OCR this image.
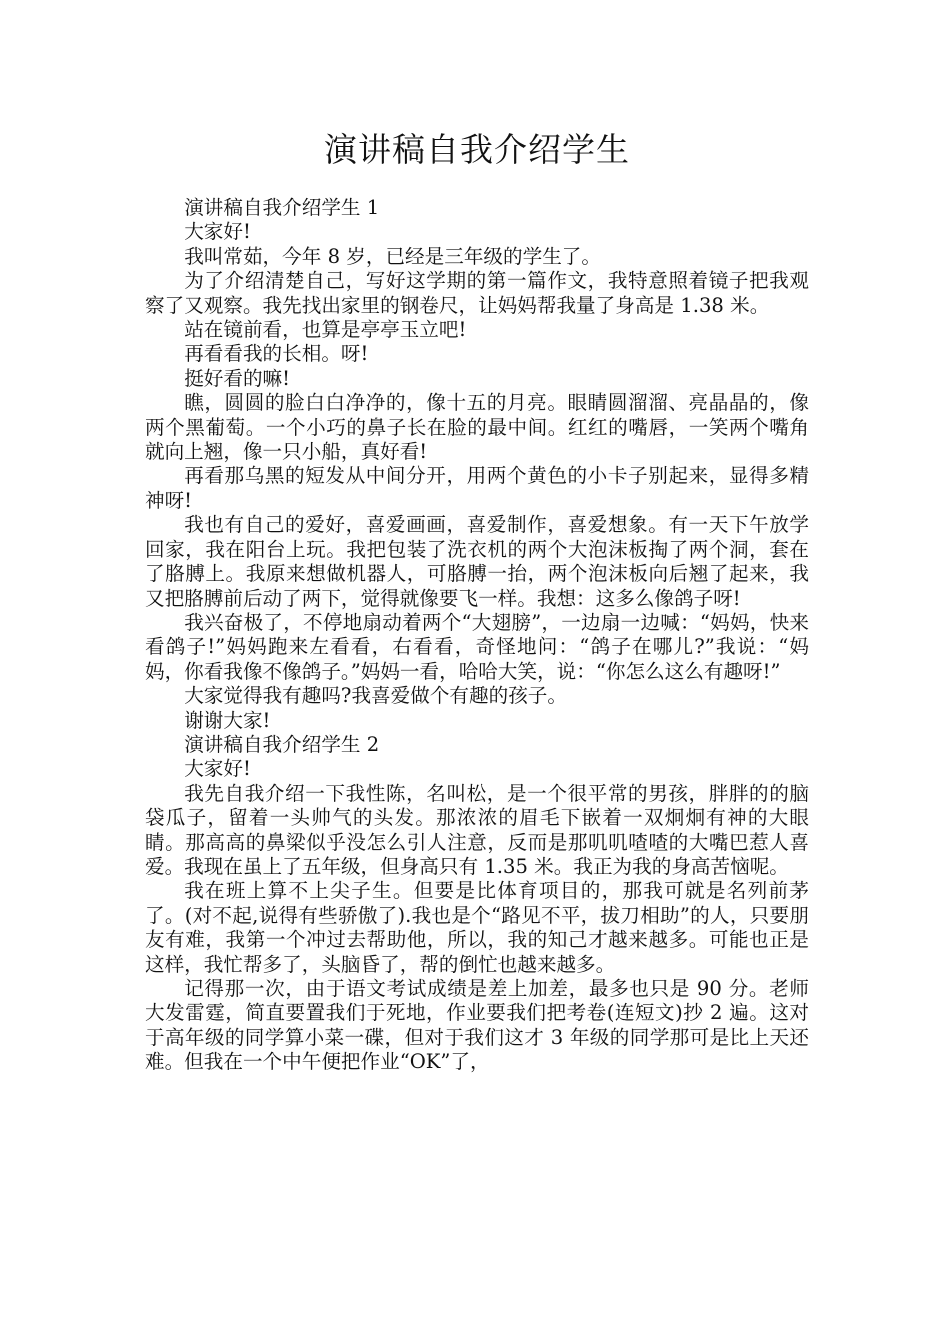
演讲稿自我介绍学生

演讲稿自我介绍学生 1

大家好!

我叫常茹，今年 8 岁，已经是三年级的学生了。

为了介绍清楚自己，写好这学期的第一篇作文，我特意照着镜子把我观察了又观察。我先找出家里的钢卷尺，让妈妈帮我量了身高是 1.38 米。

站在镜前看，也算是亭亭玉立吧!

再看看我的长相。呀!

挺好看的嘛!

瞧，圆圆的脸白白净净的，像十五的月亮。眼睛圆溜溜、亮晶晶的，像两个黑葡萄。一个小巧的鼻子长在脸的最中间。红红的嘴唇，一笑两个嘴角就向上翘，像一只小船，真好看!

再看那乌黑的短发从中间分开，用两个黄色的小卡子别起来，显得多精神呀!

我也有自己的爱好，喜爱画画，喜爱制作，喜爱想象。有一天下午放学回家，我在阳台上玩。我把包装了洗衣机的两个大泡沫板掏了两个洞，套在了胳膊上。我原来想做机器人，可胳膊一抬，两个泡沫板向后翘了起来，我又把胳膊前后动了两下，觉得就像要飞一样。我想：这多么像鸽子呀!

我兴奋极了，不停地扇动着两个“大翅膀”，一边扇一边喊：“妈妈，快来看鸽子!”妈妈跑来左看看，右看看，奇怪地问：“鸽子在哪儿?”我说：“妈妈，你看我像不像鸽子。”妈妈一看，哈哈大笑，说：“你怎么这么有趣呀!”

大家觉得我有趣吗?我喜爱做个有趣的孩子。

谢谢大家!

演讲稿自我介绍学生 2

大家好!

我先自我介绍一下我性陈，名叫松，是一个很平常的男孩，胖胖的的脑袋瓜子，留着一头帅气的头发。那浓浓的眉毛下嵌着一双炯炯有神的大眼睛。那高高的鼻梁似乎没怎么引人注意，反而是那叽叽喳喳的大嘴巴惹人喜爱。我现在虽上了五年级，但身高只有 1.35 米。我正为我的身高苦恼呢。

我在班上算不上尖子生。但要是比体育项目的，那我可就是名列前茅了。(对不起,说得有些骄傲了).我也是个“路见不平，拔刀相助”的人，只要朋友有难，我第一个冲过去帮助他，所以，我的知己才越来越多。可能也正是这样，我忙帮多了，头脑昏了，帮的倒忙也越来越多。

记得那一次，由于语文考试成绩是差上加差，最多也只是 90 分。老师大发雷霆，简直要置我们于死地，作业要我们把考卷(连短文)抄 2 遍。这对于高年级的同学算小菜一碟，但对于我们这才 3 年级的同学那可是比上天还难。但我在一个中午便把作业“OK”了，
